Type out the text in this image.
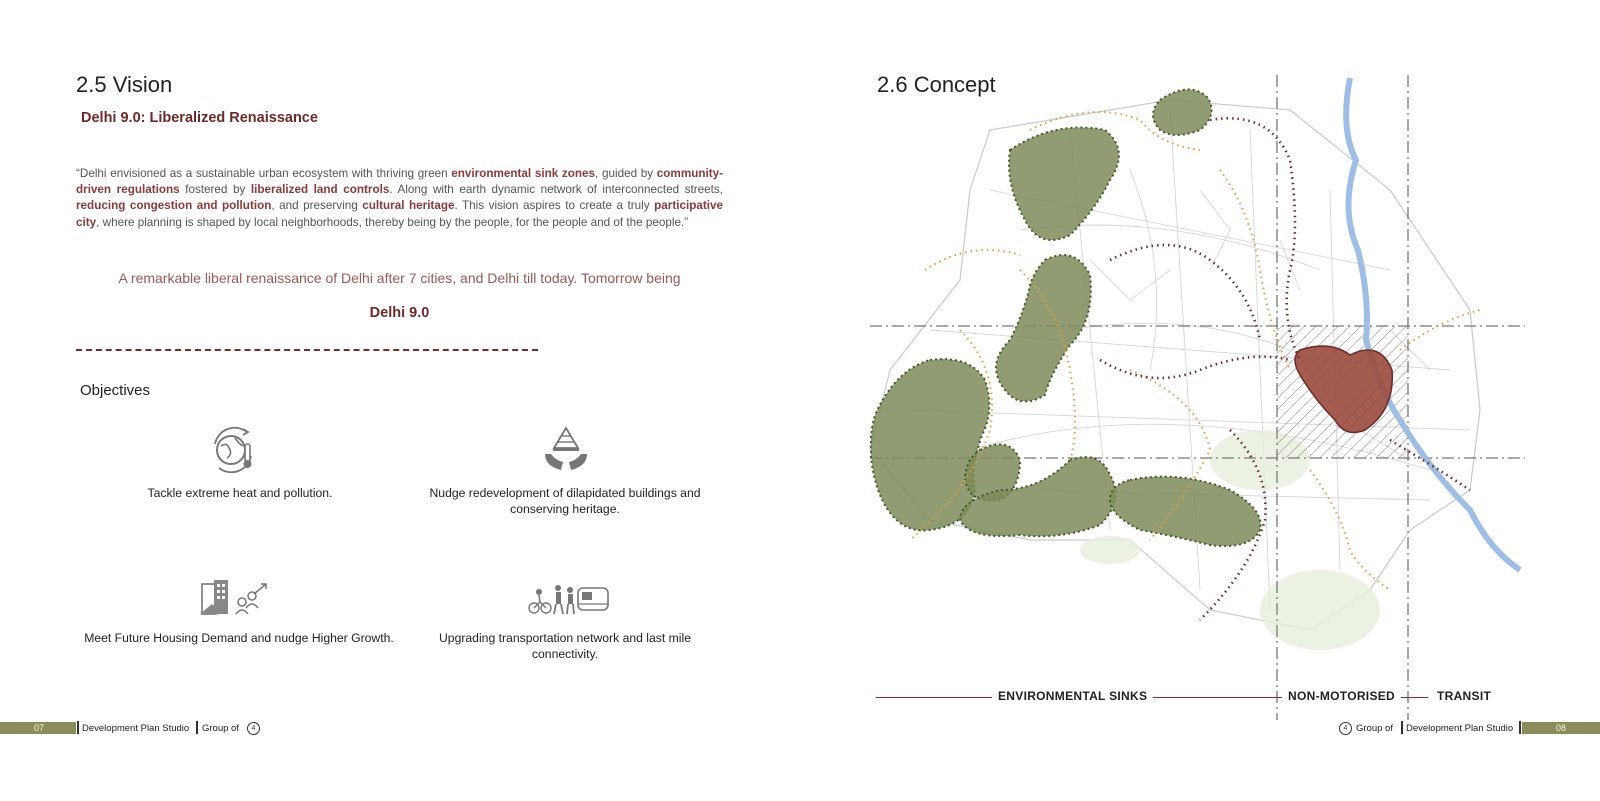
2.5 Vision
Delhi 9.0: Liberalized Renaissance
“Delhi envisioned as a sustainable urban ecosystem with thriving green environmental sink zones, guided by community-driven regulations fostered by liberalized land controls. Along with earth dynamic network of interconnected streets, reducing congestion and pollution, and preserving cultural heritage. This vision aspires to create a truly participative city, where planning is shaped by local neighborhoods, thereby being by the people, for the people and of the people.”
A remarkable liberal renaissance of Delhi after 7 cities, and Delhi till today. Tomorrow being
Delhi 9.0
Objectives
Tackle extreme heat and pollution.	Nudge redevelopment of dilapidated buildings and conserving heritage.
Meet Future Housing Demand and nudge Higher Growth.	Upgrading transportation network and last mile connectivity.
07	Development Plan Studio Group of	4
2.6 Concept
ENVIRONMENTAL SINKS	NON-MOTORISED	TRANSIT
4 Group of Development Plan Studio	08
